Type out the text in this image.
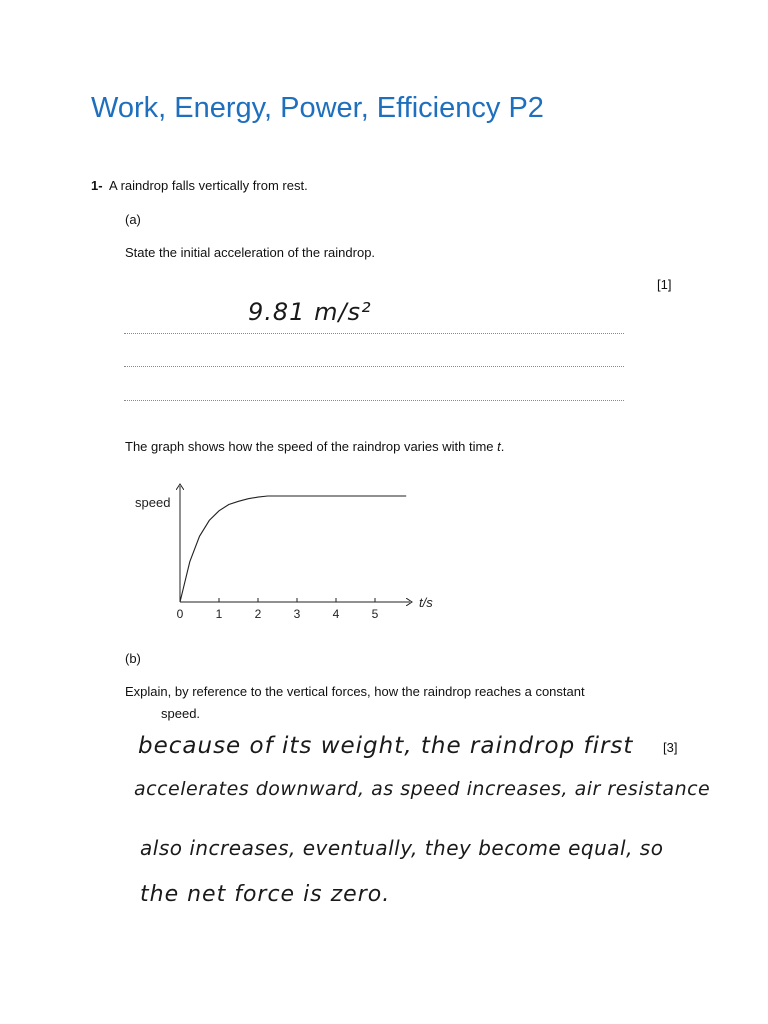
Work, Energy, Power, Efficiency P2
1- A raindrop falls vertically from rest.
(a)
State the initial acceleration of the raindrop.
[1]
9.81 m/s²
The graph shows how the speed of the raindrop varies with time t.
speed
t/s
0	1	2	3	4	5
(b)
Explain, by reference to the vertical forces, how the raindrop reaches a constant
speed.
[3]
because of its weight, the raindrop first
accelerates downward, as speed increases, air resistance
also increases, eventually, they become equal, so
the net force is zero.
